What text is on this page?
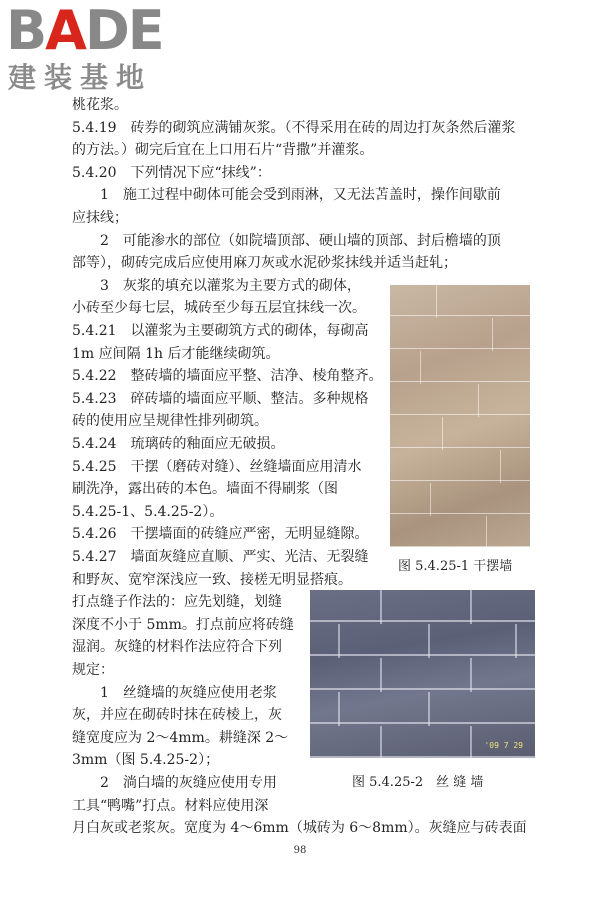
BADE
建装基地
桃花浆。
5.4.19　砖券的砌筑应满铺灰浆。（不得采用在砖的周边打灰条然后灌浆
的方法。）砌完后宜在上口用石片“背撒”并灌浆。
5.4.20　下列情况下应“抹线”：
1　施工过程中砌体可能会受到雨淋，又无法苫盖时，操作间歇前
应抹线；
2　可能渗水的部位（如院墙顶部、硬山墙的顶部、封后檐墙的顶
部等），砌砖完成后应使用麻刀灰或水泥砂浆抹线并适当赶轧；
3　灰浆的填充以灌浆为主要方式的砌体，
小砖至少每七层，城砖至少每五层宜抹线一次。
5.4.21　以灌浆为主要砌筑方式的砌体，每砌高
1m 应间隔 1h 后才能继续砌筑。
5.4.22　整砖墙的墙面应平整、洁净、棱角整齐。
5.4.23　碎砖墙的墙面应平顺、整洁。多种规格
砖的使用应呈规律性排列砌筑。
5.4.24　琉璃砖的釉面应无破损。
5.4.25　干摆（磨砖对缝）、丝缝墙面应用清水
刷洗净，露出砖的本色。墙面不得刷浆（图
5.4.25-1、5.4.25-2）。
5.4.26　干摆墙面的砖缝应严密，无明显缝隙。
5.4.27　墙面灰缝应直顺、严实、光洁、无裂缝
和野灰、宽窄深浅应一致、接槎无明显搭痕。
打点缝子作法的：应先划缝，划缝
深度不小于 5mm。打点前应将砖缝
湿润。灰缝的材料作法应符合下列
规定：
1　丝缝墙的灰缝应使用老浆
灰，并应在砌砖时抹在砖棱上，灰
缝宽度应为 2～4mm。耕缝深 2～
3mm（图 5.4.25-2）；
2　淌白墙的灰缝应使用专用
工具“鸭嘴”打点。材料应使用深
月白灰或老浆灰。宽度为 4～6mm（城砖为 6～8mm）。灰缝应与砖表面
图 5.4.25-1 干摆墙
'09 7 29
图 5.4.25-2　丝 缝 墙
98
